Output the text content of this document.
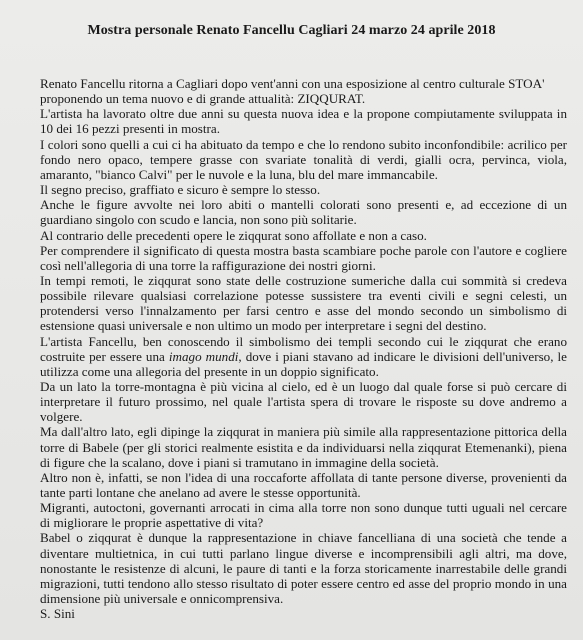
Mostra personale Renato Fancellu Cagliari 24 marzo 24 aprile 2018
Renato Fancellu ritorna a Cagliari dopo vent'anni con una esposizione al centro culturale STOA'
proponendo un tema nuovo e di grande attualità: ZIQQURAT.
L'artista ha lavorato oltre due anni su questa nuova idea e la propone compiutamente sviluppata in
10 dei 16 pezzi presenti in mostra.
I colori sono quelli a cui ci ha abituato da tempo e che lo rendono subito inconfondibile: acrilico per
fondo nero opaco, tempere grasse con svariate tonalità di verdi, gialli ocra, pervinca, viola,
amaranto, "bianco Calvi" per le nuvole e la luna, blu del mare immancabile.
Il segno preciso, graffiato e sicuro è sempre lo stesso.
Anche le figure avvolte nei loro abiti o mantelli colorati sono presenti e, ad eccezione di un
guardiano singolo con scudo e lancia, non sono più solitarie.
Al contrario delle precedenti opere le ziqqurat sono affollate e non a caso.
Per comprendere il significato di questa mostra basta scambiare poche parole con l'autore e cogliere
così nell'allegoria di una torre la raffigurazione dei nostri giorni.
In tempi remoti, le ziqqurat sono state delle costruzione sumeriche dalla cui sommità si credeva
possibile rilevare qualsiasi correlazione potesse sussistere tra eventi civili e segni celesti, un
protendersi verso l'innalzamento per farsi centro e asse del mondo secondo un simbolismo di
estensione quasi universale e non ultimo un modo per interpretare i segni del destino.
L'artista Fancellu, ben conoscendo il simbolismo dei templi secondo cui le ziqqurat che erano
costruite per essere una imago mundi, dove i piani stavano ad indicare le divisioni dell'universo, le
utilizza come una allegoria del presente in un doppio significato.
Da un lato la torre-montagna è più vicina al cielo, ed è un luogo dal quale forse si può cercare di
interpretare il futuro prossimo, nel quale l'artista spera di trovare le risposte su dove andremo a
volgere.
Ma dall'altro lato, egli dipinge la ziqqurat in maniera più simile alla rappresentazione pittorica della
torre di Babele (per gli storici realmente esistita e da individuarsi nella ziqqurat Etemenanki), piena
di figure che la scalano, dove i piani si tramutano in immagine della società.
Altro non è, infatti, se non l'idea di una roccaforte affollata di tante persone diverse, provenienti da
tante parti lontane che anelano ad avere le stesse opportunità.
Migranti, autoctoni, governanti arrocati in cima alla torre non sono dunque tutti uguali nel cercare
di migliorare le proprie aspettative di vita?
Babel o ziqqurat è dunque la rappresentazione in chiave fancelliana di una società che tende a
diventare multietnica, in cui tutti parlano lingue diverse e incomprensibili agli altri, ma dove,
nonostante le resistenze di alcuni, le paure di tanti e la forza storicamente inarrestabile delle grandi
migrazioni, tutti tendono allo stesso risultato di poter essere centro ed asse del proprio mondo in una
dimensione più universale e onnicomprensiva.
S. Sini
